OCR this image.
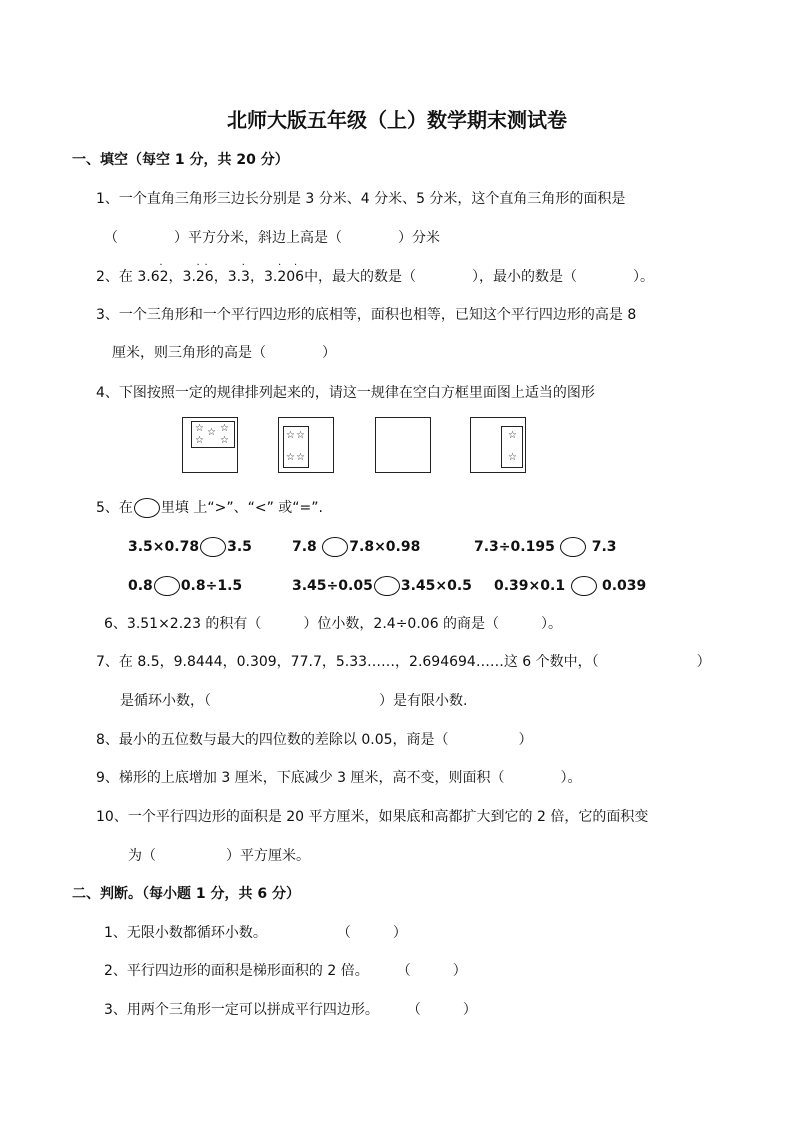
北师大版五年级（上）数学期末测试卷
一、填空（每空 1 分，共 20 分）
1、一个直角三角形三边长分别是 3 分米、4 分米、5 分米，这个直角三角形的面积是
（　　　　）平方分米，斜边上高是（　　　　）分米
2、在 3.62
·
，3.26
· ·
，3.3
·
，3.206
· ·
中，最大的数是（　　　　），最小的数是（　　　　）。
3、一个三角形和一个平行四边形的底相等，面积也相等，已知这个平行四边形的高是 8
厘米，则三角形的高是（　　　　）
4、下图按照一定的规律排列起来的，请这一规律在空白方框里面图上适当的图形
☆ ☆ ☆
☆ ☆	☆ ☆
☆ ☆
☆
☆
5、在 里填 上“>”、“<” 或“=”.
3.5×0.78 3.5	7.8 7.8×0.98	7.3÷0.195	7.3
0.8 0.8÷1.5	3.45÷0.05 3.45×0.5 0.39×0.1	0.039
6、3.51×2.23 的积有（　　　）位小数，2.4÷0.06 的商是（　　　）。
7、在 8.5，9.8444，0.309，77.7，5.33……，2.694694……这 6 个数中，（　　　　　　　）
是循环小数，（　　　　　　　　　　　　）是有限小数.
8、最小的五位数与最大的四位数的差除以 0.05，商是（　　　　　）
9、梯形的上底增加 3 厘米，下底减少 3 厘米，高不变，则面积（　　　　）。
10、一个平行四边形的面积是 20 平方厘米，如果底和高都扩大到它的 2 倍，它的面积变
为（　　　　　）平方厘米。
二、判断。（每小题 1 分，共 6 分）
1、无限小数都循环小数。　　　　　　（　　　）
2、平行四边形的面积是梯形面积的 2 倍。　　　（　　　）
3、用两个三角形一定可以拼成平行四边形。　　　（　　　）
